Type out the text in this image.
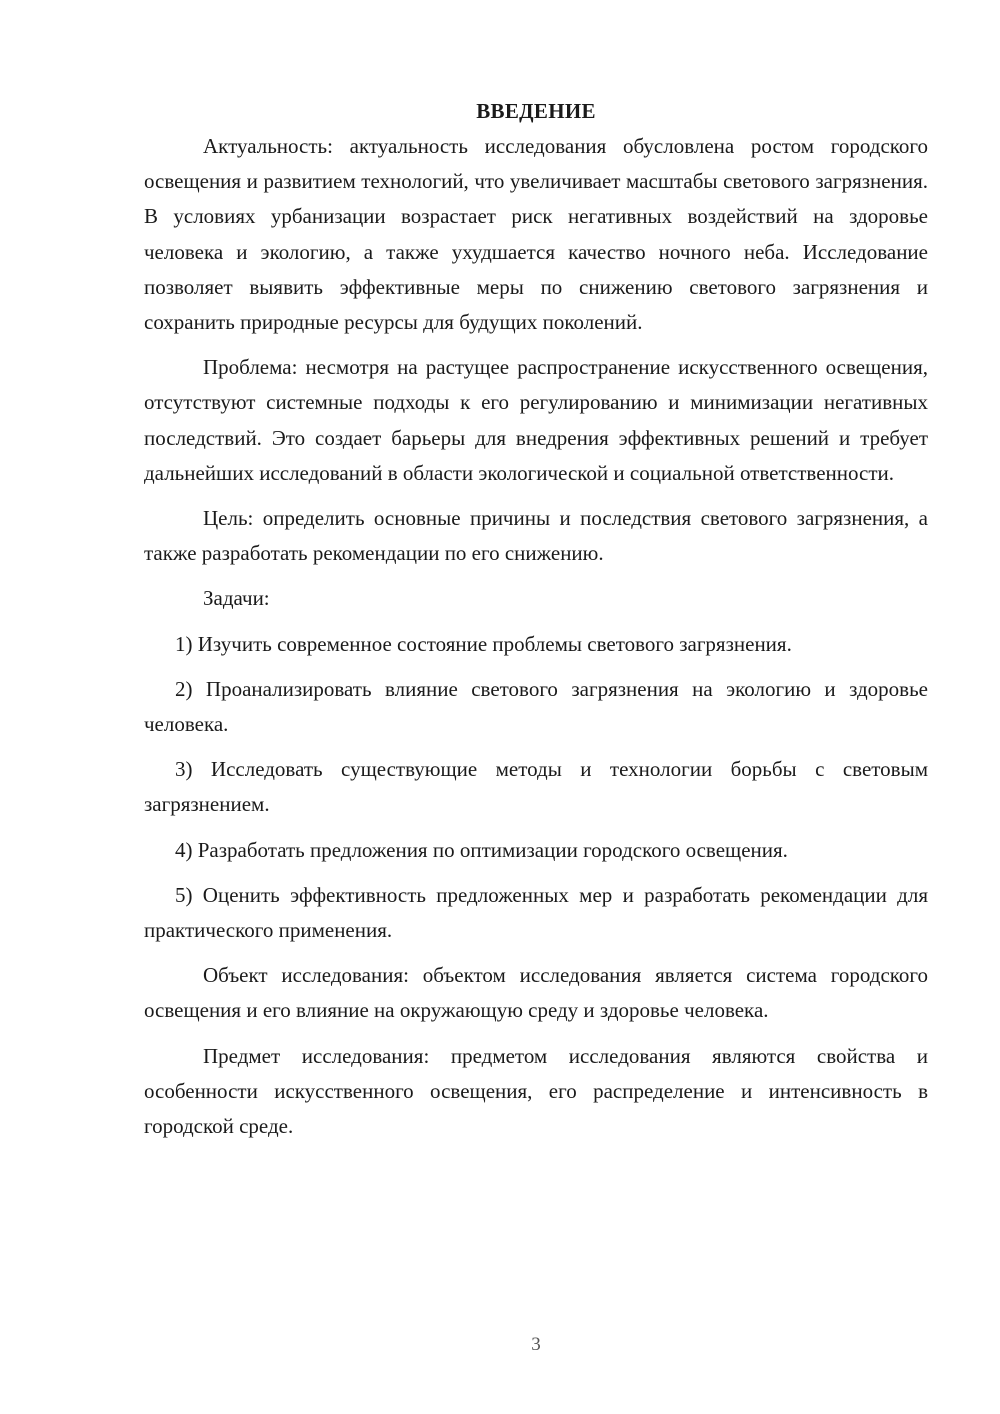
ВВЕДЕНИЕ

Актуальность: актуальность исследования обусловлена ростом городского освещения и развитием технологий, что увеличивает масштабы светового загрязнения. В условиях урбанизации возрастает риск негативных воздействий на здоровье человека и экологию, а также ухудшается качество ночного неба. Исследование позволяет выявить эффективные меры по снижению светового загрязнения и сохранить природные ресурсы для будущих поколений.

Проблема: несмотря на растущее распространение искусственного освещения, отсутствуют системные подходы к его регулированию и минимизации негативных последствий. Это создает барьеры для внедрения эффективных решений и требует дальнейших исследований в области экологической и социальной ответственности.

Цель: определить основные причины и последствия светового загрязнения, а также разработать рекомендации по его снижению.

Задачи:

1) Изучить современное состояние проблемы светового загрязнения.

2) Проанализировать влияние светового загрязнения на экологию и здоровье человека.

3) Исследовать существующие методы и технологии борьбы с световым загрязнением.

4) Разработать предложения по оптимизации городского освещения.

5) Оценить эффективность предложенных мер и разработать рекомендации для практического применения.

Объект исследования: объектом исследования является система городского освещения и его влияние на окружающую среду и здоровье человека.

Предмет исследования: предметом исследования являются свойства и особенности искусственного освещения, его распределение и интенсивность в городской среде.

3
